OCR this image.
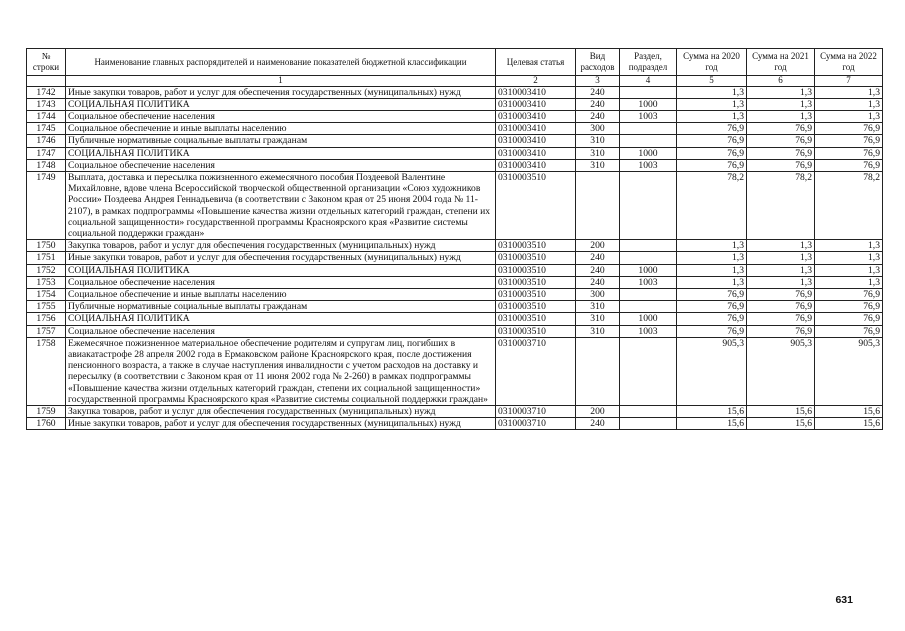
№ строки	Наименование главных распорядителей и наименование показателей бюджетной классификации	Целевая статья	Вид расходов	Раздел, подраздел	Сумма на 2020 год	Сумма на 2021 год	Сумма на 2022 год
	1	2	3	4	5	6	7
1742	Иные закупки товаров, работ и услуг для обеспечения государственных (муниципальных) нужд	0310003410	240		1,3	1,3	1,3
1743	СОЦИАЛЬНАЯ ПОЛИТИКА	0310003410	240	1000	1,3	1,3	1,3
1744	Социальное обеспечение населения	0310003410	240	1003	1,3	1,3	1,3
1745	Социальное обеспечение и иные выплаты населению	0310003410	300		76,9	76,9	76,9
1746	Публичные нормативные социальные выплаты гражданам	0310003410	310		76,9	76,9	76,9
1747	СОЦИАЛЬНАЯ ПОЛИТИКА	0310003410	310	1000	76,9	76,9	76,9
1748	Социальное обеспечение населения	0310003410	310	1003	76,9	76,9	76,9
1749	Выплата, доставка и пересылка пожизненного ежемесячного пособия Поздеевой Валентине Михайловне, вдове члена Всероссийской творческой общественной организации «Союз художников России» Поздеева Андрея Геннадьевича (в соответствии с Законом края от 25 июня 2004 года № 11-2107), в рамках подпрограммы «Повышение качества жизни отдельных категорий граждан, степени их социальной защищенности» государственной программы Красноярского края «Развитие системы социальной поддержки граждан»	0310003510			78,2	78,2	78,2
1750	Закупка товаров, работ и услуг для обеспечения государственных (муниципальных) нужд	0310003510	200		1,3	1,3	1,3
1751	Иные закупки товаров, работ и услуг для обеспечения государственных (муниципальных) нужд	0310003510	240		1,3	1,3	1,3
1752	СОЦИАЛЬНАЯ ПОЛИТИКА	0310003510	240	1000	1,3	1,3	1,3
1753	Социальное обеспечение населения	0310003510	240	1003	1,3	1,3	1,3
1754	Социальное обеспечение и иные выплаты населению	0310003510	300		76,9	76,9	76,9
1755	Публичные нормативные социальные выплаты гражданам	0310003510	310		76,9	76,9	76,9
1756	СОЦИАЛЬНАЯ ПОЛИТИКА	0310003510	310	1000	76,9	76,9	76,9
1757	Социальное обеспечение населения	0310003510	310	1003	76,9	76,9	76,9
1758	Ежемесячное пожизненное материальное обеспечение родителям и супругам лиц, погибших в авиакатастрофе 28 апреля 2002 года в Ермаковском районе Красноярского края, после достижения пенсионного возраста, а также в случае наступления инвалидности с учетом расходов на доставку и пересылку (в соответствии с Законом края от 11 июня 2002 года № 2-260) в рамках подпрограммы «Повышение качества жизни отдельных категорий граждан, степени их социальной защищенности» государственной программы Красноярского края «Развитие системы социальной поддержки граждан»	0310003710			905,3	905,3	905,3
1759	Закупка товаров, работ и услуг для обеспечения государственных (муниципальных) нужд	0310003710	200		15,6	15,6	15,6
1760	Иные закупки товаров, работ и услуг для обеспечения государственных (муниципальных) нужд	0310003710	240		15,6	15,6	15,6
631
